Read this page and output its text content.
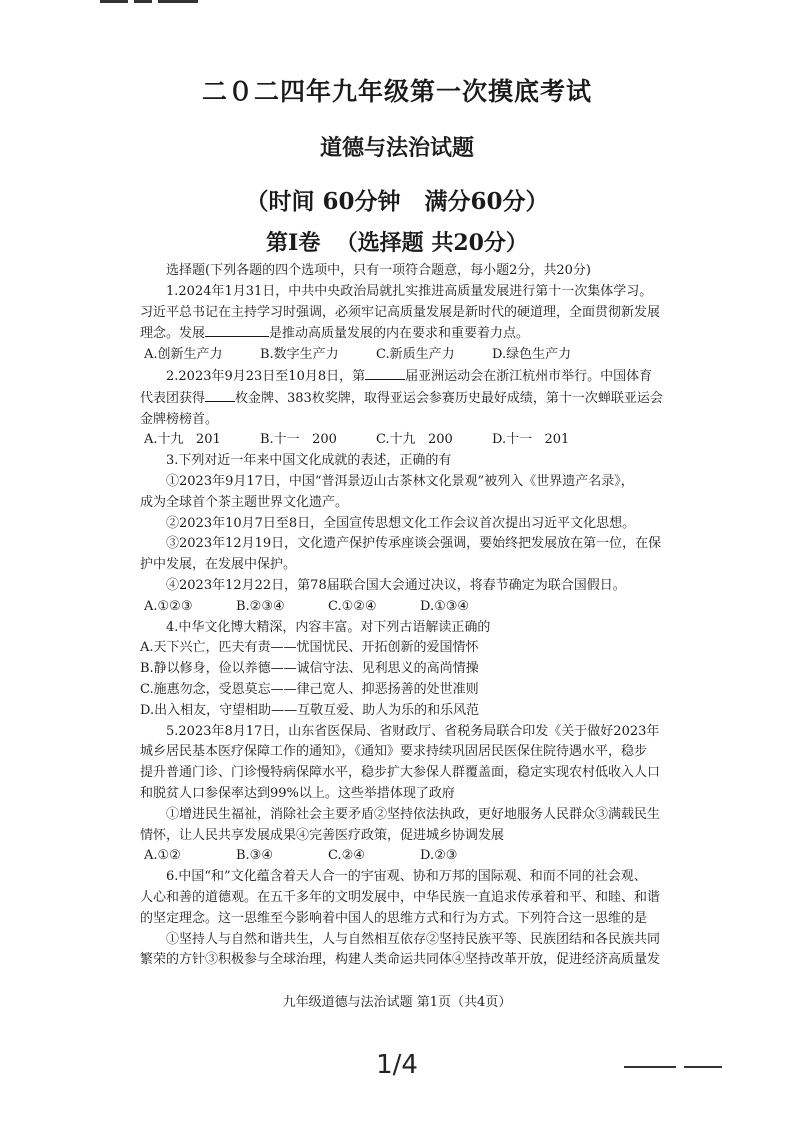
二０二四年九年级第一次摸底考试
道德与法治试题
（时间 60分钟   满分60分）
第Ⅰ卷  （选择题 共20分）

选择题(下列各题的四个选项中，只有一项符合题意，每小题2分，共20分)

1.2024年1月31日，中共中央政治局就扎实推进高质量发展进行第十一次集体学习。

习近平总书记在主持学习时强调，必须牢记高质量发展是新时代的硬道理，全面贯彻新发展

理念。发展	是推动高质量发展的内在要求和重要着力点。

A.创新生产力	B.数字生产力	C.新质生产力	D.绿色生产力

2.2023年9月23日至10月8日，第	届亚洲运动会在浙江杭州市举行。中国体育

代表团获得 枚金牌、383枚奖牌，取得亚运会参赛历史最好成绩，第十一次蝉联亚运会

金牌榜榜首。

A.十九   201	B.十一   200	C.十九   200	D.十一   201

3.下列对近一年来中国文化成就的表述，正确的有

①2023年9月17日，中国“普洱景迈山古茶林文化景观”被列入《世界遗产名录》，

成为全球首个茶主题世界文化遗产。

②2023年10月7日至8日，全国宣传思想文化工作会议首次提出习近平文化思想。

③2023年12月19日，文化遗产保护传承座谈会强调，要始终把发展放在第一位，在保

护中发展，在发展中保护。

④2023年12月22日，第78届联合国大会通过决议，将春节确定为联合国假日。

A.①②③	B.②③④	C.①②④	D.①③④

4.中华文化博大精深，内容丰富。对下列古语解读正确的

A.天下兴亡，匹夫有责——忧国忧民、开拓创新的爱国情怀

B.静以修身，俭以养德——诚信守法、见利思义的高尚情操

C.施惠勿念，受恩莫忘——律己宽人、抑恶扬善的处世准则

D.出入相友，守望相助——互敬互爱、助人为乐的和乐风范

5.2023年8月17日，山东省医保局、省财政厅、省税务局联合印发《关于做好2023年

城乡居民基本医疗保障工作的通知》，《通知》要求持续巩固居民医保住院待遇水平，稳步

提升普通门诊、门诊慢特病保障水平，稳步扩大参保人群覆盖面，稳定实现农村低收入人口

和脱贫人口参保率达到99%以上。这些举措体现了政府

①增进民生福祉，消除社会主要矛盾②坚持依法执政，更好地服务人民群众③满载民生

情怀，让人民共享发展成果④完善医疗政策，促进城乡协调发展

A.①②	B.③④	C.②④	D.②③

6.中国“和”文化蕴含着天人合一的宇宙观、协和万邦的国际观、和而不同的社会观、

人心和善的道德观。在五千多年的文明发展中，中华民族一直追求传承着和平、和睦、和谐

的坚定理念。这一思维至今影响着中国人的思维方式和行为方式。下列符合这一思维的是

①坚持人与自然和谐共生，人与自然相互依存②坚持民族平等、民族团结和各民族共同

繁荣的方针③积极参与全球治理，构建人类命运共同体④坚持改革开放，促进经济高质量发

九年级道德与法治试题 第1页（共4页）
1/4
